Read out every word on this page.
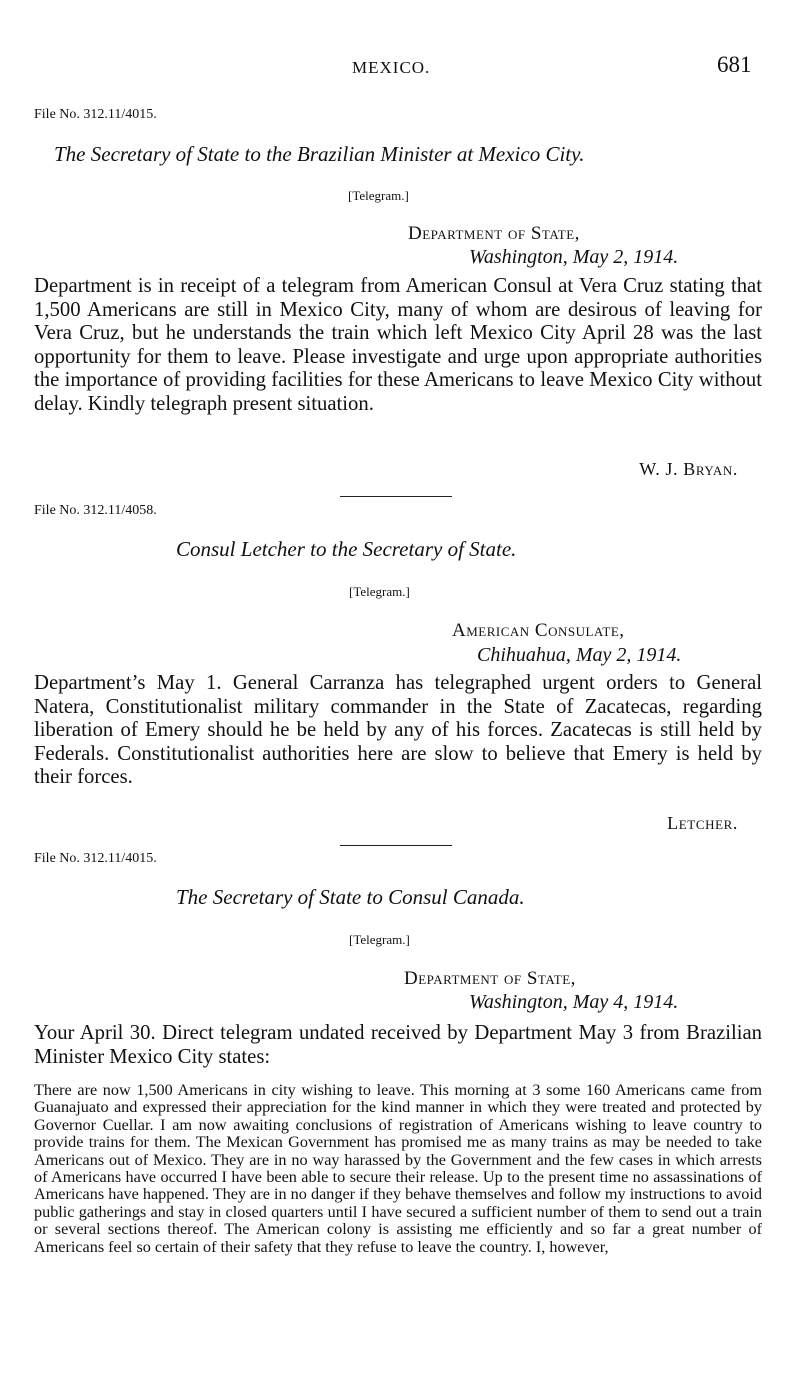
MEXICO.	681
File No. 312.11/4015.
The Secretary of State to the Brazilian Minister at Mexico City.
[Telegram.]
Department of State,
Washington, May 2, 1914.
Department is in receipt of a telegram from American Consul at Vera Cruz stating that 1,500 Americans are still in Mexico City, many of whom are desirous of leaving for Vera Cruz, but he understands the train which left Mexico City April 28 was the last opportunity for them to leave. Please investigate and urge upon appropriate authorities the importance of providing facilities for these Americans to leave Mexico City without delay. Kindly telegraph present situation.
W. J. Bryan.
File No. 312.11/4058.
Consul Letcher to the Secretary of State.
[Telegram.]
American Consulate,
Chihuahua, May 2, 1914.
Department’s May 1. General Carranza has telegraphed urgent orders to General Natera, Constitutionalist military commander in the State of Zacatecas, regarding liberation of Emery should he be held by any of his forces. Zacatecas is still held by Federals. Constitutionalist authorities here are slow to believe that Emery is held by their forces.
Letcher.
File No. 312.11/4015.
The Secretary of State to Consul Canada.
[Telegram.]
Department of State,
Washington, May 4, 1914.
Your April 30. Direct telegram undated received by Department May 3 from Brazilian Minister Mexico City states:
There are now 1,500 Americans in city wishing to leave. This morning at 3 some 160 Americans came from Guanajuato and expressed their appreciation for the kind manner in which they were treated and protected by Governor Cuellar. I am now awaiting conclusions of registration of Americans wishing to leave country to provide trains for them. The Mexican Government has promised me as many trains as may be needed to take Americans out of Mexico. They are in no way harassed by the Government and the few cases in which arrests of Americans have occurred I have been able to secure their release. Up to the present time no assassinations of Americans have happened. They are in no danger if they behave themselves and follow my instructions to avoid public gatherings and stay in closed quarters until I have secured a sufficient number of them to send out a train or several sections thereof. The American colony is assisting me efficiently and so far a great number of Americans feel so certain of their safety that they refuse to leave the country. I, however,
